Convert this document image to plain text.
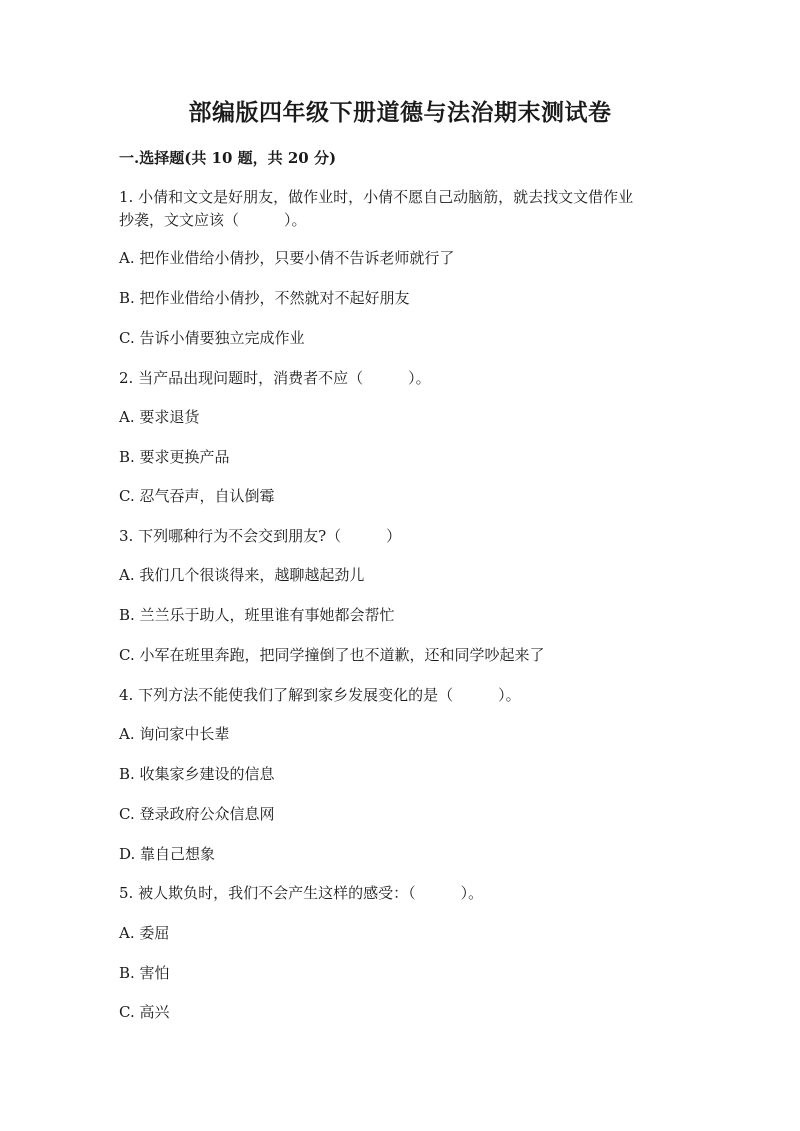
部编版四年级下册道德与法治期末测试卷
一.选择题(共 10 题，共 20 分)
1. 小倩和文文是好朋友，做作业时，小倩不愿自己动脑筋，就去找文文借作业
抄袭，文文应该（　　　）。
A. 把作业借给小倩抄，只要小倩不告诉老师就行了
B. 把作业借给小倩抄，不然就对不起好朋友
C. 告诉小倩要独立完成作业
2. 当产品出现问题时，消费者不应（　　　）。
A. 要求退货
B. 要求更换产品
C. 忍气吞声，自认倒霉
3. 下列哪种行为不会交到朋友?（　　　）
A. 我们几个很谈得来，越聊越起劲儿
B. 兰兰乐于助人，班里谁有事她都会帮忙
C. 小军在班里奔跑，把同学撞倒了也不道歉，还和同学吵起来了
4. 下列方法不能使我们了解到家乡发展变化的是（　　　）。
A. 询问家中长辈
B. 收集家乡建设的信息
C. 登录政府公众信息网
D. 靠自己想象
5. 被人欺负时，我们不会产生这样的感受：（　　　）。
A. 委屈
B. 害怕
C. 高兴
